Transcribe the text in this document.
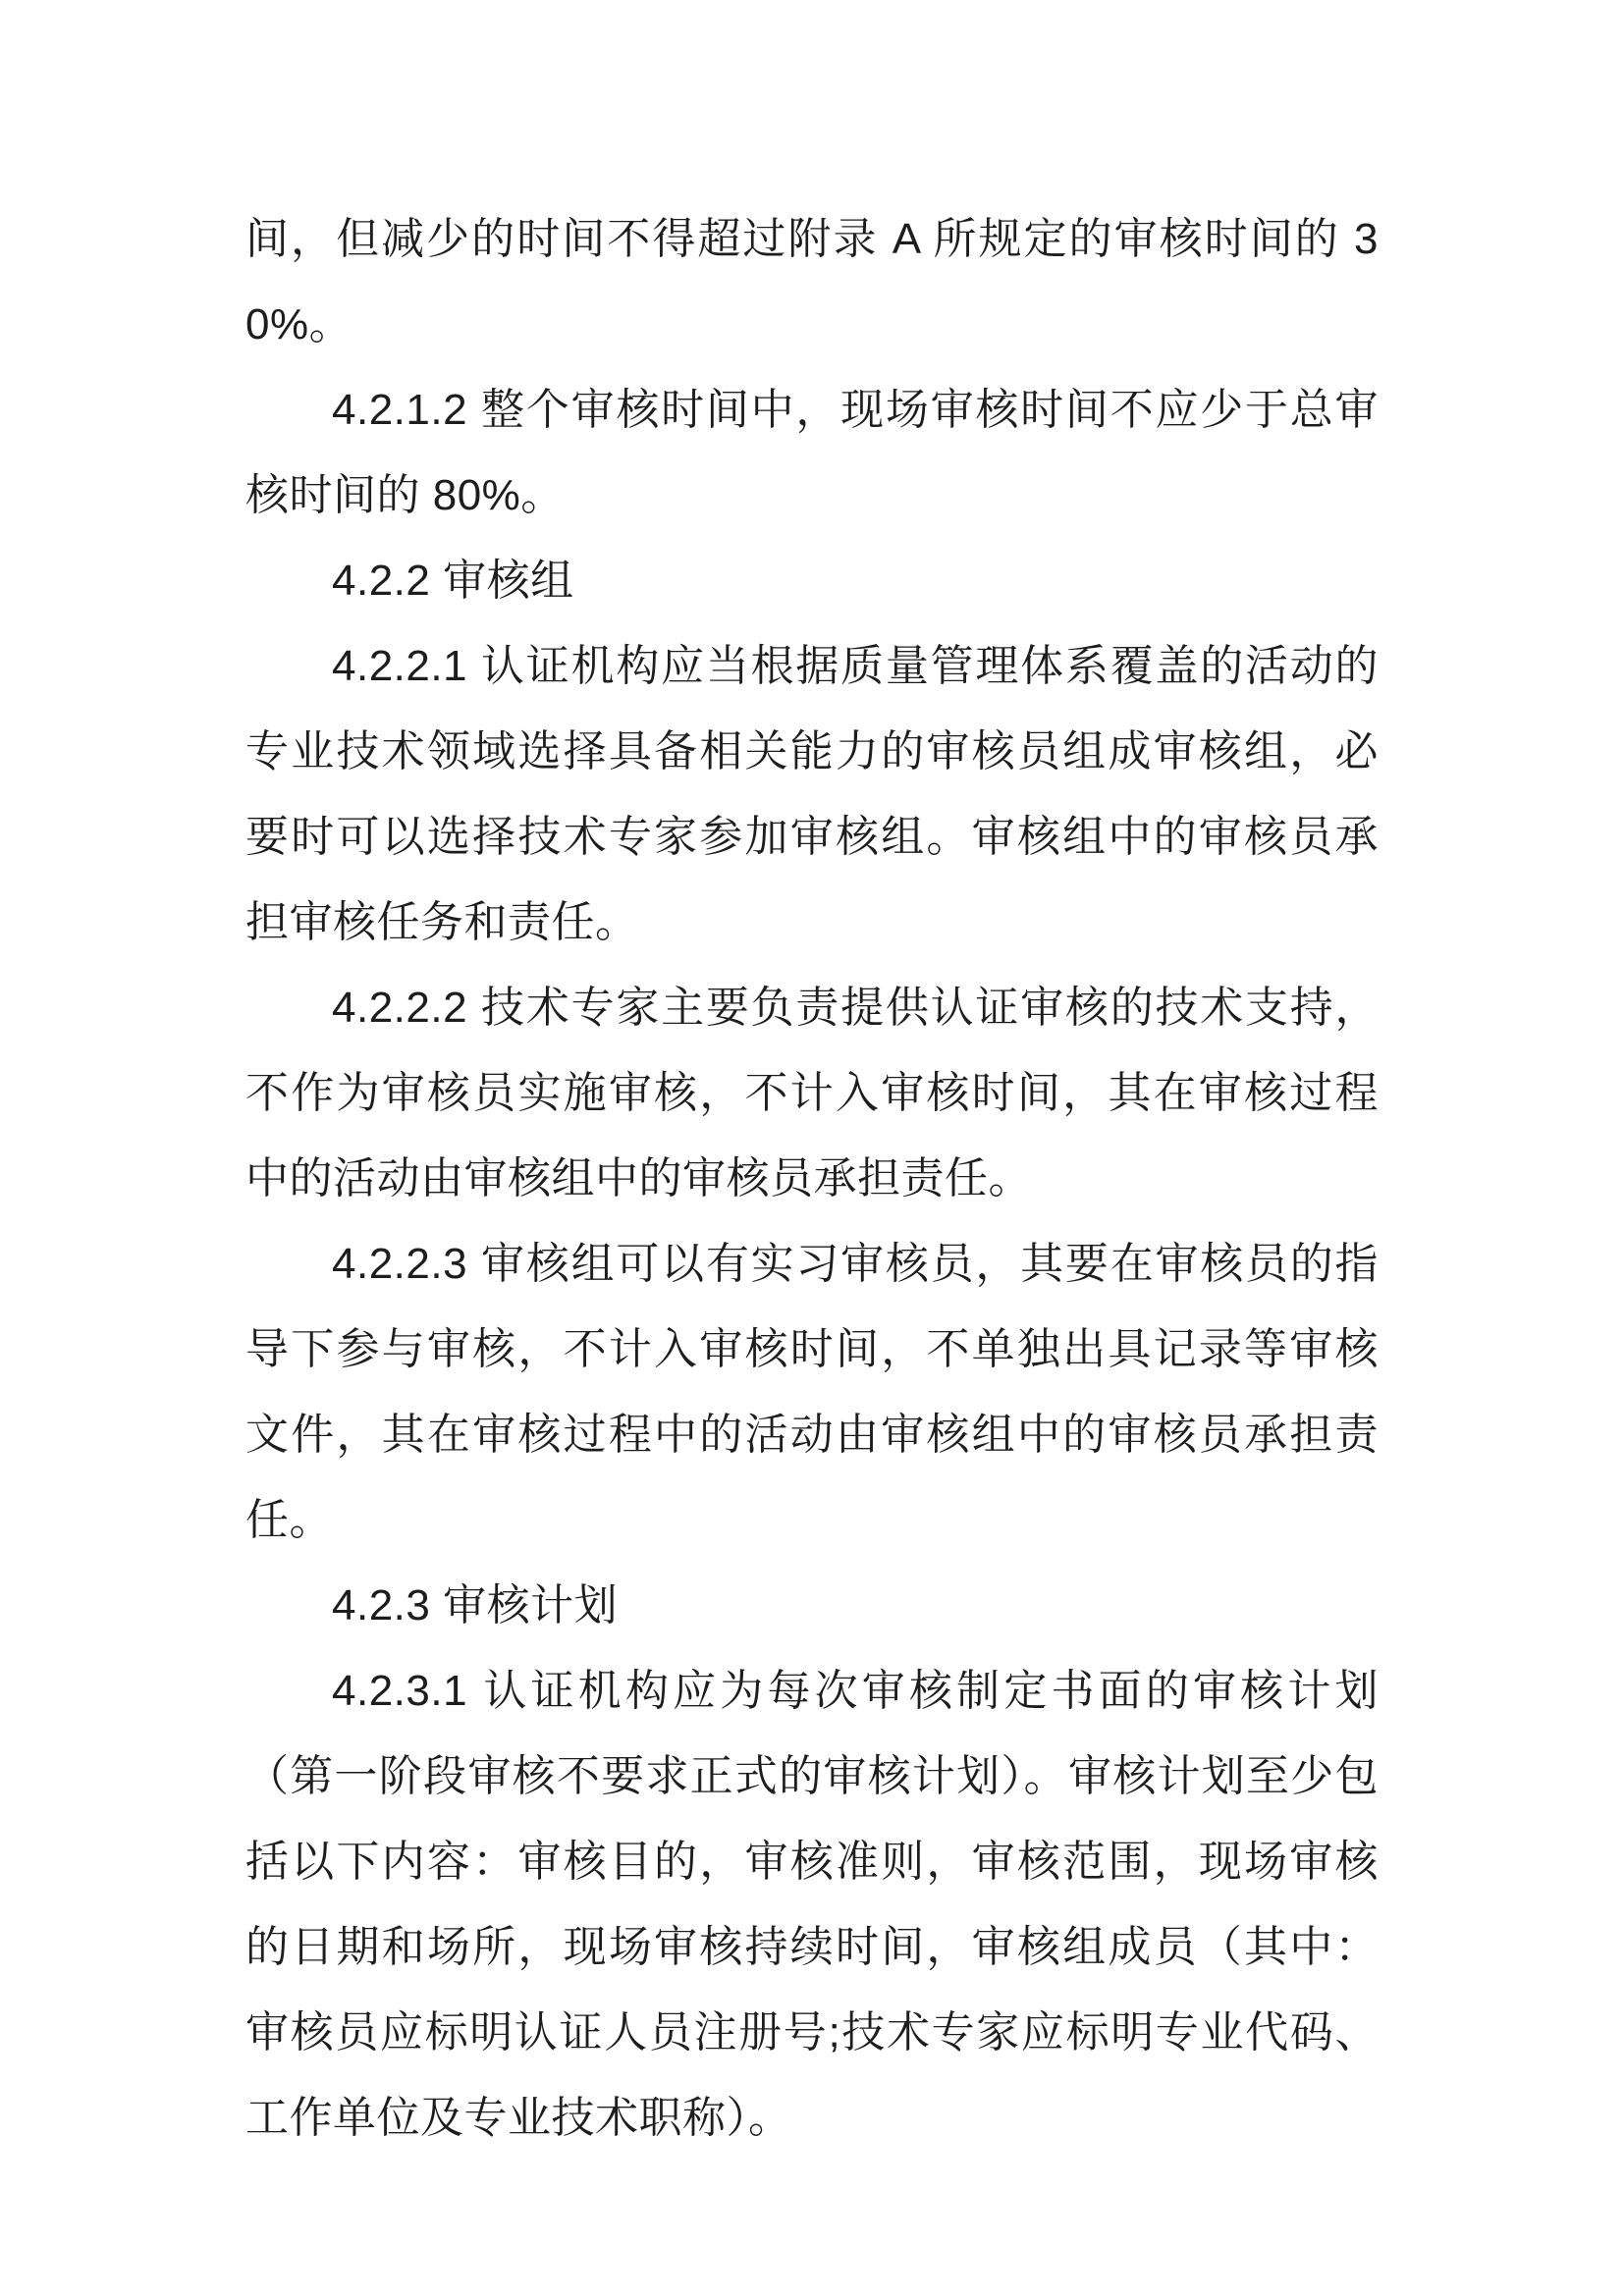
间，但减少的时间不得超过附录 A 所规定的审核时间的 30%。

4.2.1.2 整个审核时间中，现场审核时间不应少于总审核时间的 80%。

4.2.2 审核组

4.2.2.1 认证机构应当根据质量管理体系覆盖的活动的专业技术领域选择具备相关能力的审核员组成审核组，必要时可以选择技术专家参加审核组。审核组中的审核员承担审核任务和责任。

4.2.2.2 技术专家主要负责提供认证审核的技术支持，不作为审核员实施审核，不计入审核时间，其在审核过程中的活动由审核组中的审核员承担责任。

4.2.2.3 审核组可以有实习审核员，其要在审核员的指导下参与审核，不计入审核时间，不单独出具记录等审核文件，其在审核过程中的活动由审核组中的审核员承担责任。

4.2.3 审核计划

4.2.3.1 认证机构应为每次审核制定书面的审核计划（第一阶段审核不要求正式的审核计划）。审核计划至少包括以下内容：审核目的，审核准则，审核范围，现场审核的日期和场所，现场审核持续时间，审核组成员（其中：审核员应标明认证人员注册号;技术专家应标明专业代码、工作单位及专业技术职称）。
